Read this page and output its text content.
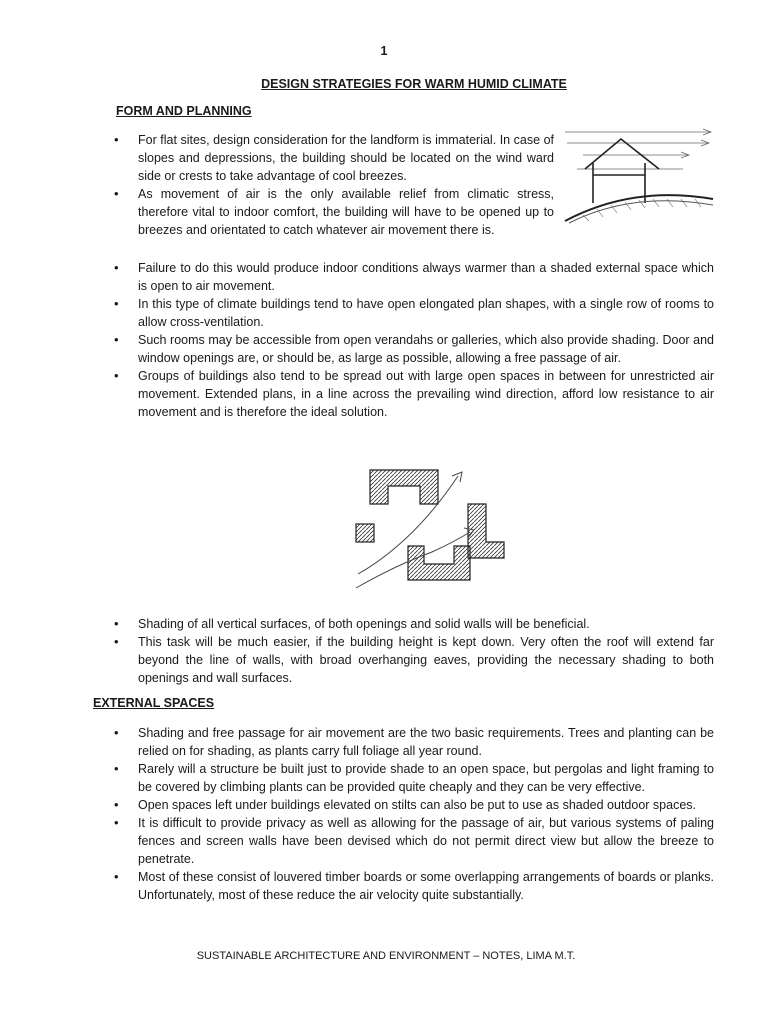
1
DESIGN STRATEGIES FOR WARM HUMID CLIMATE
FORM AND PLANNING
• For flat sites, design consideration for the landform is immaterial. In case of slopes and depressions, the building should be located on the wind ward side or crests to take advantage of cool breezes.
• As movement of air is the only available relief from climatic stress, therefore vital to indoor comfort, the building will have to be opened up to breezes and orientated to catch whatever air movement there is.
• Failure to do this would produce indoor conditions always warmer than a shaded external space which is open to air movement.
• In this type of climate buildings tend to have open elongated plan shapes, with a single row of rooms to allow cross-ventilation.
• Such rooms may be accessible from open verandahs or galleries, which also provide shading. Door and window openings are, or should be, as large as possible, allowing a free passage of air.
• Groups of buildings also tend to be spread out with large open spaces in between for unrestricted air movement. Extended plans, in a line across the prevailing wind direction, afford low resistance to air movement and is therefore the ideal solution.
• Shading of all vertical surfaces, of both openings and solid walls will be beneficial.
• This task will be much easier, if the building height is kept down. Very often the roof will extend far beyond the line of walls, with broad overhanging eaves, providing the necessary shading to both openings and wall surfaces.
EXTERNAL SPACES
• Shading and free passage for air movement are the two basic requirements. Trees and planting can be relied on for shading, as plants carry full foliage all year round.
• Rarely will a structure be built just to provide shade to an open space, but pergolas and light framing to be covered by climbing plants can be provided quite cheaply and they can be very effective.
• Open spaces left under buildings elevated on stilts can also be put to use as shaded outdoor spaces.
• It is difficult to provide privacy as well as allowing for the passage of air, but various systems of paling fences and screen walls have been devised which do not permit direct view but allow the breeze to penetrate.
• Most of these consist of louvered timber boards or some overlapping arrangements of boards or planks. Unfortunately, most of these reduce the air velocity quite substantially.
SUSTAINABLE ARCHITECTURE AND ENVIRONMENT – NOTES, LIMA M.T.
